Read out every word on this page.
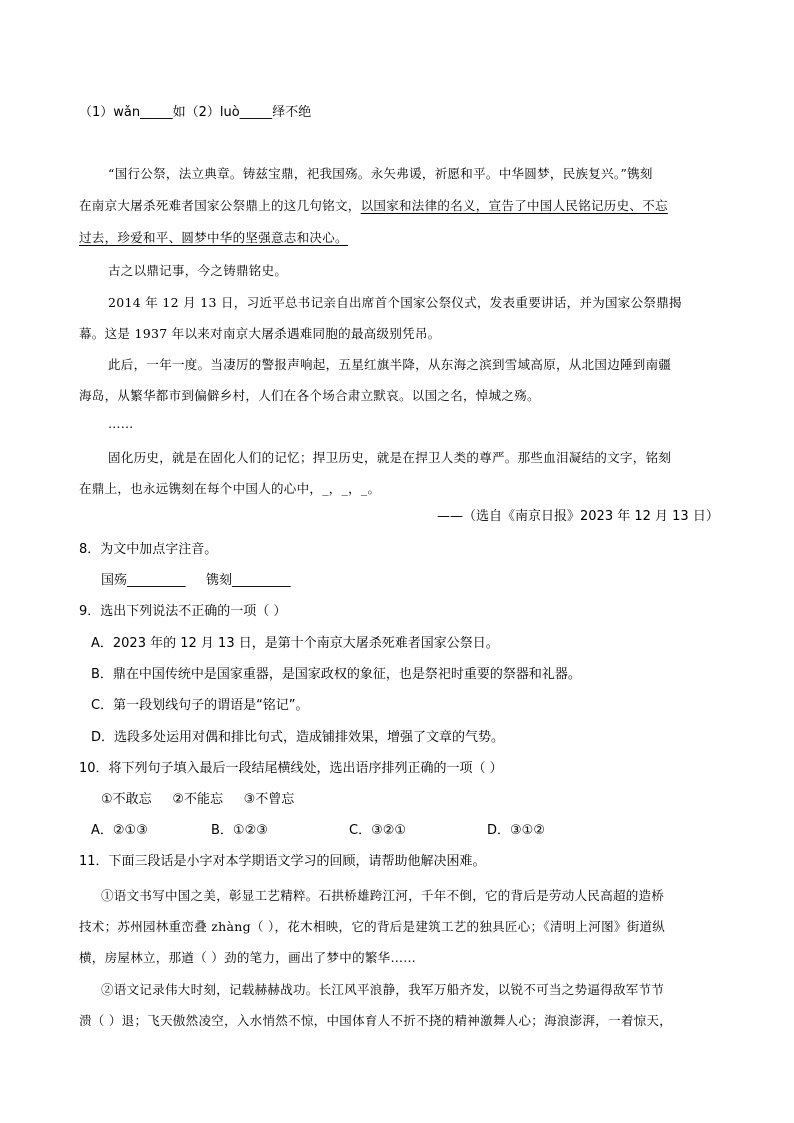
（1）wǎn_____如（2）luò_____绎不绝
“国行公祭，法立典章。铸兹宝鼎，祀我国殇。永矢弗谖，祈愿和平。中华圆梦，民族复兴。”镌刻
在南京大屠杀死难者国家公祭鼎上的这几句铭文，以国家和法律的名义，宣告了中国人民铭记历史、不忘
过去，珍爱和平、圆梦中华的坚强意志和决心。
古之以鼎记事，今之铸鼎铭史。
2014 年 12 月 13 日，习近平总书记亲自出席首个国家公祭仪式，发表重要讲话，并为国家公祭鼎揭
幕。这是 1937 年以来对南京大屠杀遇难同胞的最高级别凭吊。
此后，一年一度。当凄厉的警报声响起，五星红旗半降，从东海之滨到雪域高原，从北国边陲到南疆
海岛，从繁华都市到偏僻乡村，人们在各个场合肃立默哀。以国之名，悼城之殇。
……
固化历史，就是在固化人们的记忆；捍卫历史，就是在捍卫人类的尊严。那些血泪凝结的文字，铭刻
在鼎上，也永远镌刻在每个中国人的心中，_，_，_。
——（选自《南京日报》2023 年 12 月 13 日）
8．为文中加点字注音。
国殇_________ 镌刻_________
9．选出下列说法不正确的一项（ ）
A．2023 年的 12 月 13 日，是第十个南京大屠杀死难者国家公祭日。
B．鼎在中国传统中是国家重器，是国家政权的象征，也是祭祀时重要的祭器和礼器。
C．第一段划线句子的谓语是“铭记”。
D．选段多处运用对偶和排比句式，造成铺排效果，增强了文章的气势。
10．将下列句子填入最后一段结尾横线处，选出语序排列正确的一项（ ）
①不敢忘     ②不能忘     ③不曾忘
A．②①③	B．①②③	C．③②①	D．③①②
11．下面三段话是小字对本学期语文学习的回顾，请帮助他解决困难。
①语文书写中国之美，彰显工艺精粹。石拱桥雄跨江河，千年不倒，它的背后是劳动人民高超的造桥
技术；苏州园林重峦叠 zhàng（ ），花木相映，它的背后是建筑工艺的独具匠心；《清明上河图》街道纵
横，房屋林立，那遒（ ）劲的笔力，画出了梦中的繁华……
②语文记录伟大时刻，记载赫赫战功。长江风平浪静，我军万船齐发，以锐不可当之势逼得敌军节节
溃（ ）退；飞天傲然凌空，入水悄然不惊，中国体育人不折不挠的精神激舞人心；海浪澎湃，一着惊天，
